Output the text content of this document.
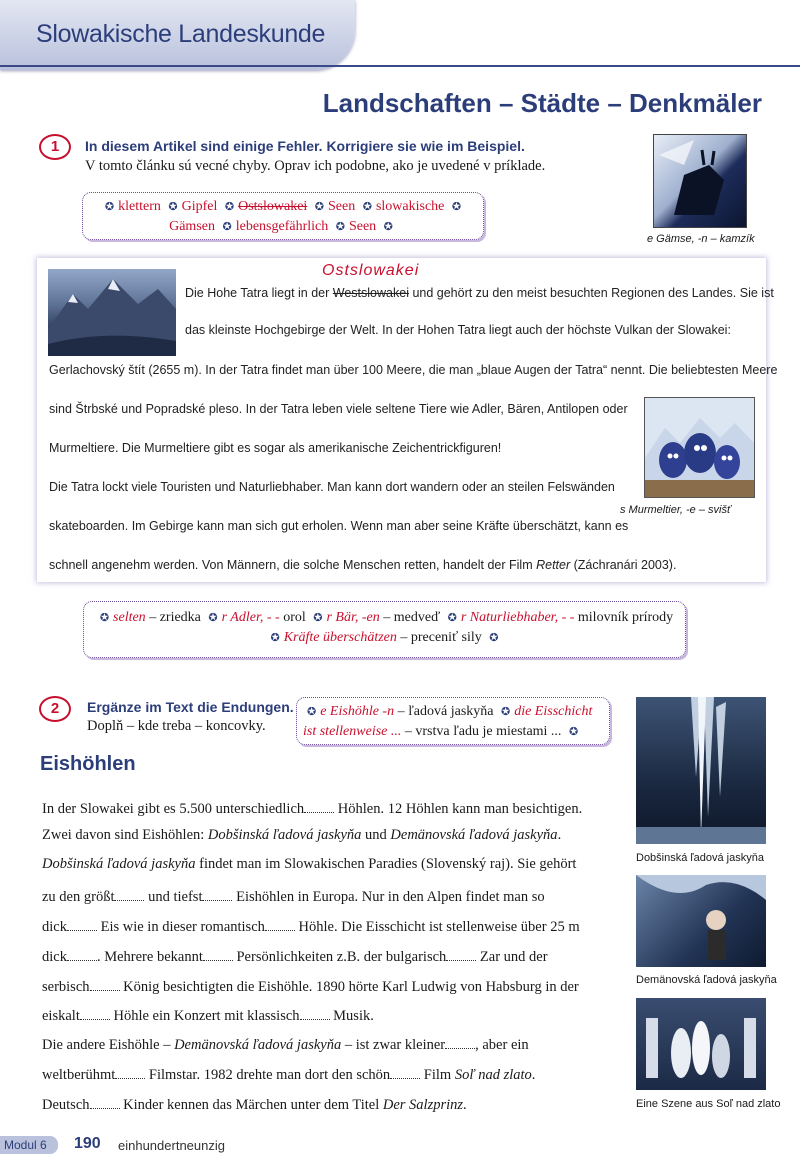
Slowakische Landeskunde
Landschaften – Städte – Denkmäler
1	In diesem Artikel sind einige Fehler. Korrigiere sie wie im Beispiel.
V tomto článku sú vecné chyby. Oprav ich podobne, ako je uvedené v príklade.
✪ klettern ✪ Gipfel ✪ Ostslowakei ✪ Seen ✪ slowakische ✪
Gämsen ✪ lebensgefährlich ✪ Seen ✪
e Gämse, -n – kamzík

Die Hohe Tatra liegt in der Westslowakei und gehört zu den meist besuchten Regionen des Landes. Sie ist

das kleinste Hochgebirge der Welt. In der Hohen Tatra liegt auch der höchste Vulkan der Slowakei:

Gerlachovský štít (2655 m). In der Tatra findet man über 100 Meere, die man „blaue Augen der Tatra“ nennt. Die beliebtesten Meere

sind Štrbské und Popradské pleso. In der Tatra leben viele seltene Tiere wie Adler, Bären, Antilopen oder

Murmeltiere. Die Murmeltiere gibt es sogar als amerikanische Zeichentrickfiguren!

Die Tatra lockt viele Touristen und Naturliebhaber. Man kann dort wandern oder an steilen Felswänden

skateboarden. Im Gebirge kann man sich gut erholen. Wenn man aber seine Kräfte überschätzt, kann es

schnell angenehm werden. Von Männern, die solche Menschen retten, handelt der Film Retter (Záchranári 2003).

s Murmeltier, -e – svišť
Ostslowakei
✪ selten – zriedka ✪ r Adler, - - orol ✪ r Bär, -en – medveď ✪ r Naturliebhaber, - - milovník prírody ✪ Kräfte überschätzen – preceniť sily ✪
2	Ergänze im Text die Endungen.
Doplň – kde treba – koncovky.
✪ e Eishöhle -n – ľadová jaskyňa ✪ die Eisschicht ist stellenweise ... – vrstva ľadu je miestami ... ✪
Eishöhlen
In der Slowakei gibt es 5.500 unterschiedlich Höhlen. 12 Höhlen kann man besichtigen.
Zwei davon sind Eishöhlen: Dobšinská ľadová jaskyňa und Demänovská ľadová jaskyňa.
Dobšinská ľadová jaskyňa findet man im Slowakischen Paradies (Slovenský raj). Sie gehört
zu den größt und tiefst Eishöhlen in Europa. Nur in den Alpen findet man so
dick Eis wie in dieser romantisch Höhle. Die Eisschicht ist stellenweise über 25 m
dick . Mehrere bekannt Persönlichkeiten z.B. der bulgarisch Zar und der
serbisch König besichtigten die Eishöhle. 1890 hörte Karl Ludwig von Habsburg in der
eiskalt Höhle ein Konzert mit klassisch Musik.
Die andere Eishöhle – Demänovská ľadová jaskyňa – ist zwar kleiner , aber ein
weltberühmt Filmstar. 1982 drehte man dort den schön Film Soľ nad zlato.
Deutsch Kinder kennen das Märchen unter dem Titel Der Salzprinz.
Dobšinská ľadová jaskyňa
Demänovská ľadová jaskyňa
Eine Szene aus Soľ nad zlato
Modul 6	190 einhundertneunzig
